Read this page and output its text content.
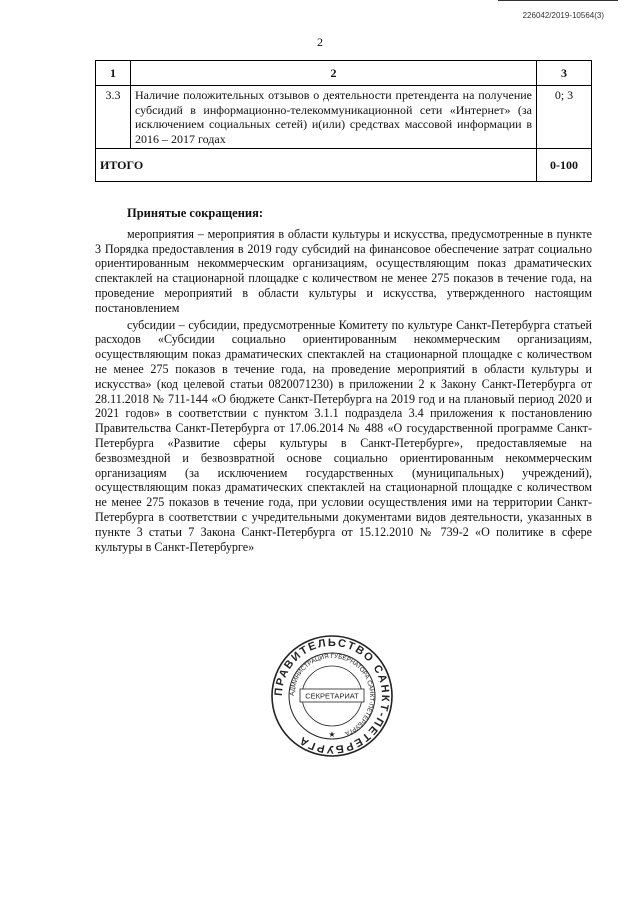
226042/2019-10564(3)
2
1	2	3
3.3	Наличие положительных отзывов о деятельности претендента на получение субсидий в информационно-телекоммуникационной сети «Интернет» (за исключением социальных сетей) и(или) средствах массовой информации в 2016 – 2017 годах	0; 3
ИТОГО		0-100
Принятые сокращения:

мероприятия – мероприятия в области культуры и искусства, предусмотренные в пункте 3 Порядка предоставления в 2019 году субсидий на финансовое обеспечение затрат социально ориентированным некоммерческим организациям, осуществляющим показ драматических спектаклей на стационарной площадке с количеством не менее 275 показов в течение года, на проведение мероприятий в области культуры и искусства, утвержденного настоящим постановлением

субсидии – субсидии, предусмотренные Комитету по культуре Санкт-Петербурга статьей расходов «Субсидии социально ориентированным некоммерческим организациям, осуществляющим показ драматических спектаклей на стационарной площадке с количеством не менее 275 показов в течение года, на проведение мероприятий в области культуры и искусства» (код целевой статьи 0820071230) в приложении 2 к Закону Санкт-Петербурга от 28.11.2018 № 711-144 «О бюджете Санкт-Петербурга на 2019 год и на плановый период 2020 и 2021 годов» в соответствии с пунктом 3.1.1 подраздела 3.4 приложения к постановлению Правительства Санкт-Петербурга от 17.06.2014 № 488 «О государственной программе Санкт-Петербурга «Развитие сферы культуры в Санкт-Петербурге», предоставляемые на безвозмездной и безвозвратной основе социально ориентированным некоммерческим организациям (за исключением государственных (муниципальных) учреждений), осуществляющим показ драматических спектаклей на стационарной площадке с количеством не менее 275 показов в течение года, при условии осуществления ими на территории Санкт-Петербурга в соответствии с учредительными документами видов деятельности, указанных в пункте 3 статьи 7 Закона Санкт-Петербурга от 15.12.2010 № 739-2 «О политике в сфере культуры в Санкт-Петербурге»

ПРАВИТЕЛЬСТВО САНКТ-ПЕТЕРБУРГА
АДМИНИСТРАЦИЯ ГУБЕРНАТОРА САНКТ-ПЕТЕРБУРГА
СЕКРЕТАРИАТ
★
